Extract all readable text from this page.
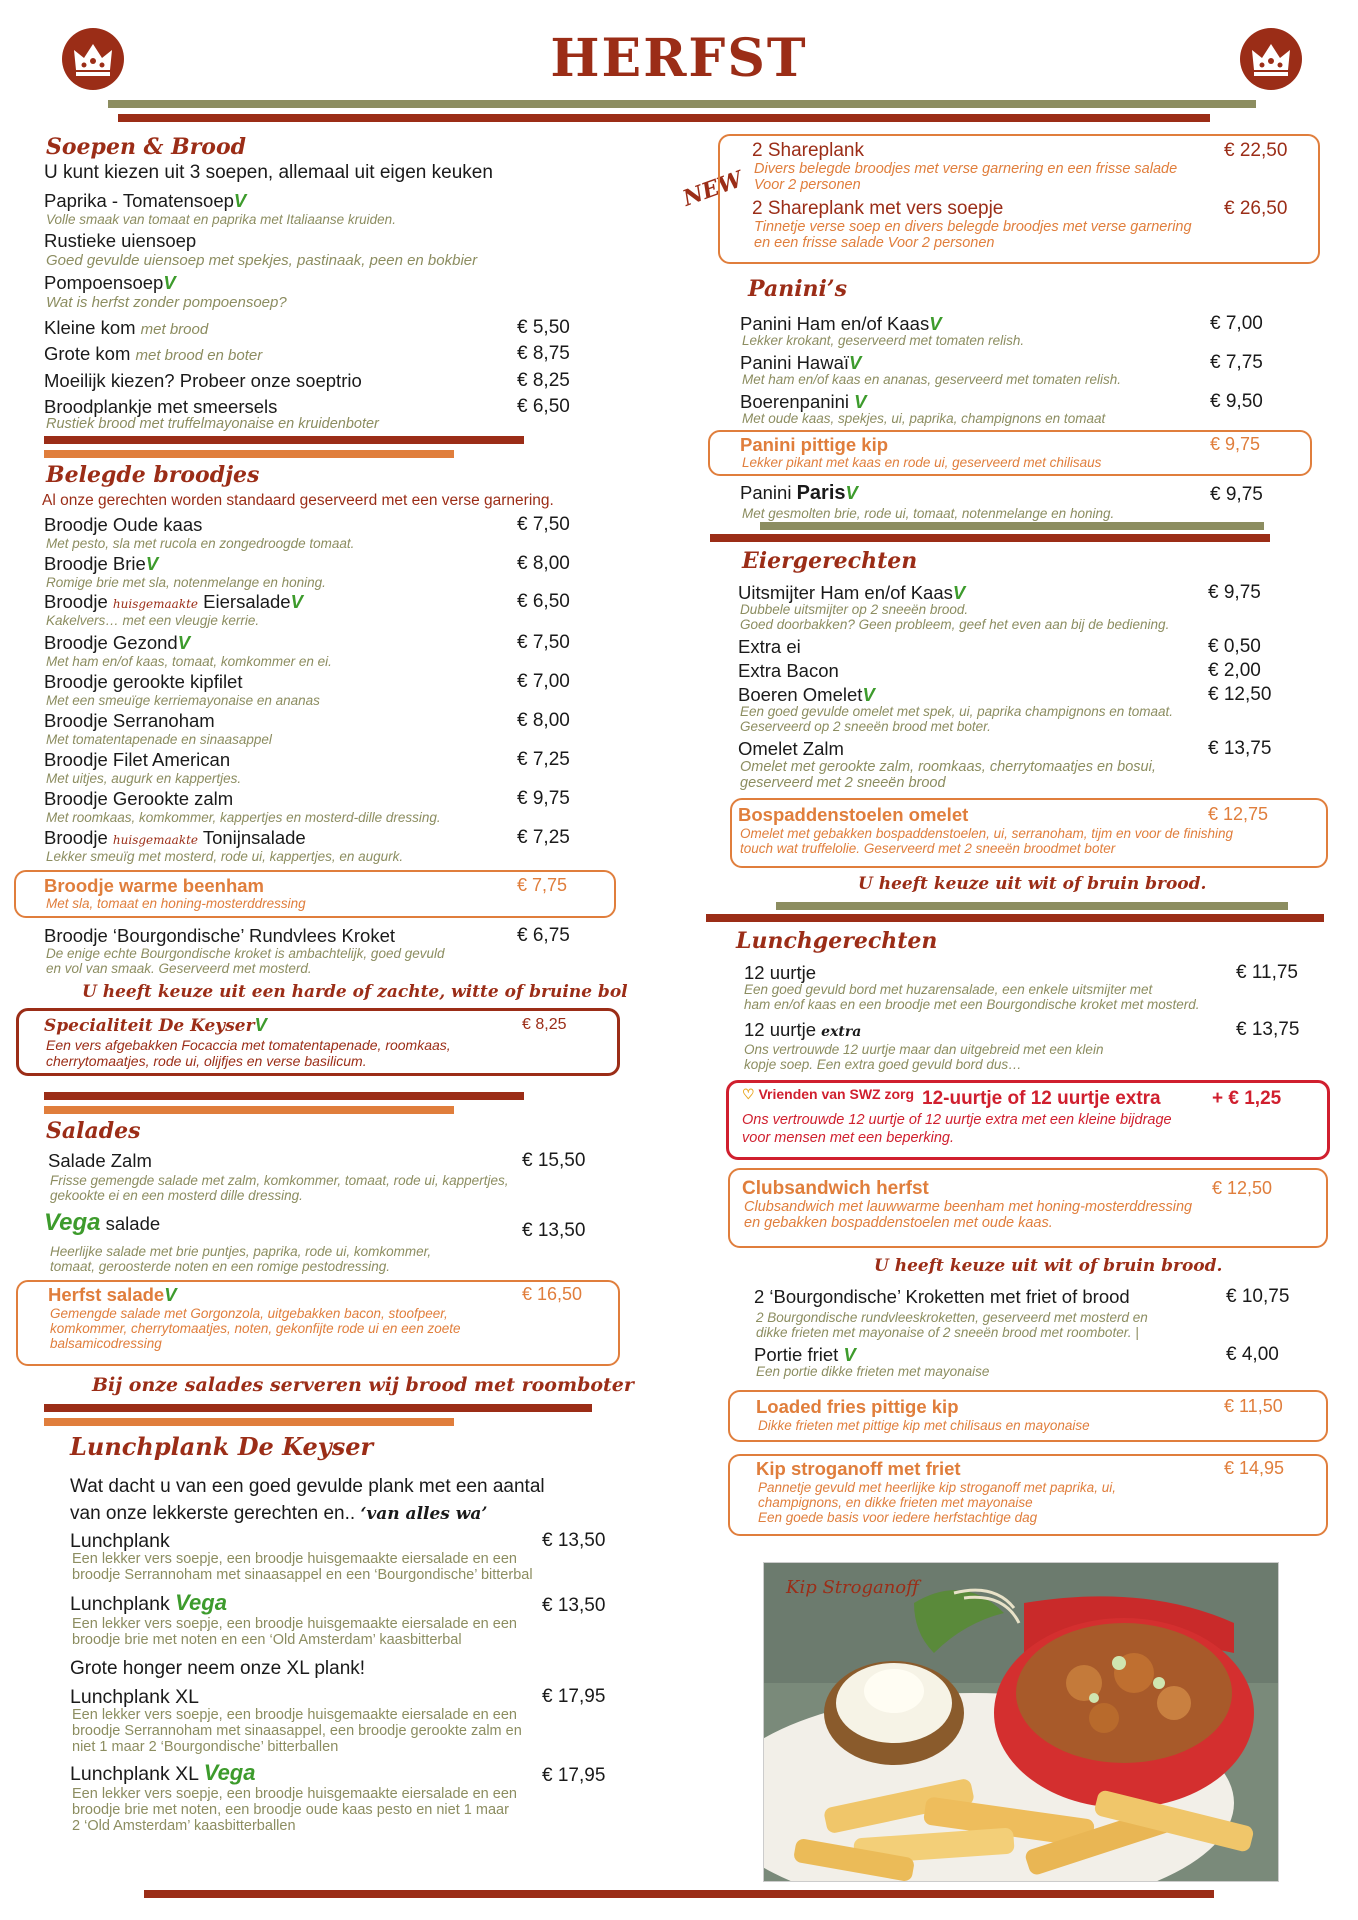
HERFST
Soepen & Brood
U kunt kiezen uit 3 soepen, allemaal uit eigen keuken
Paprika - TomatensoepV
Volle smaak van tomaat en paprika met Italiaanse kruiden.
Rustieke uiensoep
Goed gevulde uiensoep met spekjes, pastinaak, peen en bokbier
PompoensoepV
Wat is herfst zonder pompoensoep?
Kleine kom met brood	€ 5,50
Grote kom met brood en boter	€ 8,75
Moeilijk kiezen? Probeer onze soeptrio	€ 8,25
Broodplankje met smeersels	€ 6,50
Rustiek brood met truffelmayonaise en kruidenboter
Belegde broodjes
Al onze gerechten worden standaard geserveerd met een verse garnering.
Broodje Oude kaas	€ 7,50
Met pesto, sla met rucola en zongedroogde tomaat.
Broodje BrieV	€ 8,00
Romige brie met sla, notenmelange en honing.
Broodje huisgemaakte EiersaladeV	€ 6,50
Kakelvers… met een vleugje kerrie.
Broodje GezondV	€ 7,50
Met ham en/of kaas, tomaat, komkommer en ei.
Broodje gerookte kipfilet	€ 7,00
Met een smeuïge kerriemayonaise en ananas
Broodje Serranoham	€ 8,00
Met tomatentapenade en sinaasappel
Broodje Filet American	€ 7,25
Met uitjes, augurk en kappertjes.
Broodje Gerookte zalm	€ 9,75
Met roomkaas, komkommer, kappertjes en mosterd-dille dressing.
Broodje huisgemaakte Tonijnsalade	€ 7,25
Lekker smeuïg met mosterd, rode ui, kappertjes, en augurk.
Broodje warme beenham	€ 7,75
Met sla, tomaat en honing-mosterddressing
Broodje ‘Bourgondische’ Rundvlees Kroket	€ 6,75
De enige echte Bourgondische kroket is ambachtelijk, goed gevuld
en vol van smaak. Geserveerd met mosterd.
U heeft keuze uit een harde of zachte, witte of bruine bol
Specialiteit De KeyserV	€ 8,25
Een vers afgebakken Focaccia met tomatentapenade, roomkaas,
cherrytomaatjes, rode ui, olijfjes en verse basilicum.
Salades
Salade Zalm	€ 15,50
Frisse gemengde salade met zalm, komkommer, tomaat, rode ui, kappertjes,
gekookte ei en een mosterd dille dressing.
Vega salade	€ 13,50
Heerlijke salade met brie puntjes, paprika, rode ui, komkommer,
tomaat, geroosterde noten en een romige pestodressing.
Herfst saladeV	€ 16,50
Gemengde salade met Gorgonzola, uitgebakken bacon, stoofpeer,
komkommer, cherrytomaatjes, noten, gekonfijte rode ui en een zoete
balsamicodressing
Bij onze salades serveren wij brood met roomboter
Lunchplank De Keyser
Wat dacht u van een goed gevulde plank met een aantal
van onze lekkerste gerechten en.. ‘van alles wa’
Lunchplank	€ 13,50
Een lekker vers soepje, een broodje huisgemaakte eiersalade en een
broodje Serrannoham met sinaasappel en een ‘Bourgondische’ bitterbal
Lunchplank Vega	€ 13,50
Een lekker vers soepje, een broodje huisgemaakte eiersalade en een
broodje brie met noten en een ‘Old Amsterdam’ kaasbitterbal
Grote honger neem onze XL plank!
Lunchplank XL	€ 17,95
Een lekker vers soepje, een broodje huisgemaakte eiersalade en een
broodje Serrannoham met sinaasappel, een broodje gerookte zalm en
niet 1 maar 2 ‘Bourgondische’ bitterballen
Lunchplank XL Vega	€ 17,95
Een lekker vers soepje, een broodje huisgemaakte eiersalade en een
broodje brie met noten, een broodje oude kaas pesto en niet 1 maar
2 ‘Old Amsterdam’ kaasbitterballen
NEW
2 Shareplank	€ 22,50
Divers belegde broodjes met verse garnering en een frisse salade
Voor 2 personen
2 Shareplank met vers soepje	€ 26,50
Tinnetje verse soep en divers belegde broodjes met verse garnering
en een frisse salade Voor 2 personen
Panini’s
Panini Ham en/of KaasV	€ 7,00
Lekker krokant, geserveerd met tomaten relish.
Panini HawaïV	€ 7,75
Met ham en/of kaas en ananas, geserveerd met tomaten relish.
Boerenpanini V	€ 9,50
Met oude kaas, spekjes, ui, paprika, champignons en tomaat
Panini pittige kip	€ 9,75
Lekker pikant met kaas en rode ui, geserveerd met chilisaus
Panini ParisV	€ 9,75
Met gesmolten brie, rode ui, tomaat, notenmelange en honing.
Eiergerechten
Uitsmijter Ham en/of KaasV	€ 9,75
Dubbele uitsmijter op 2 sneeën brood.
Goed doorbakken? Geen probleem, geef het even aan bij de bediening.
Extra ei	€ 0,50
Extra Bacon	€ 2,00
Boeren OmeletV	€ 12,50
Een goed gevulde omelet met spek, ui, paprika champignons en tomaat.
Geserveerd op 2 sneeën brood met boter.
Omelet Zalm	€ 13,75
Omelet met gerookte zalm, roomkaas, cherrytomaatjes en bosui,
geserveerd met 2 sneeën brood
Bospaddenstoelen omelet	€ 12,75
Omelet met gebakken bospaddenstoelen, ui, serranoham, tijm en voor de finishing
touch wat truffelolie. Geserveerd met 2 sneeën broodmet boter
U heeft keuze uit wit of bruin brood.
Lunchgerechten
12 uurtje	€ 11,75
Een goed gevuld bord met huzarensalade, een enkele uitsmijter met
ham en/of kaas en een broodje met een Bourgondische kroket met mosterd.
12 uurtje extra	€ 13,75
Ons vertrouwde 12 uurtje maar dan uitgebreid met een klein
kopje soep. Een extra goed gevuld bord dus…
♡ Vrienden van SWZ zorg 12-uurtje of 12 uurtje extra	+ € 1,25
Ons vertrouwde 12 uurtje of 12 uurtje extra met een kleine bijdrage
voor mensen met een beperking.
Clubsandwich herfst	€ 12,50
Clubsandwich met lauwwarme beenham met honing-mosterddressing
en gebakken bospaddenstoelen met oude kaas.
U heeft keuze uit wit of bruin brood.
2 ‘Bourgondische’ Kroketten met friet of brood	€ 10,75
2 Bourgondische rundvleeskroketten, geserveerd met mosterd en
dikke frieten met mayonaise of 2 sneeën brood met roomboter. |
Portie friet V	€ 4,00
Een portie dikke frieten met mayonaise
Loaded fries pittige kip	€ 11,50
Dikke frieten met pittige kip met chilisaus en mayonaise
Kip stroganoff met friet	€ 14,95
Pannetje gevuld met heerlijke kip stroganoff met paprika, ui,
champignons, en dikke frieten met mayonaise
Een goede basis voor iedere herfstachtige dag
Kip Stroganoff
